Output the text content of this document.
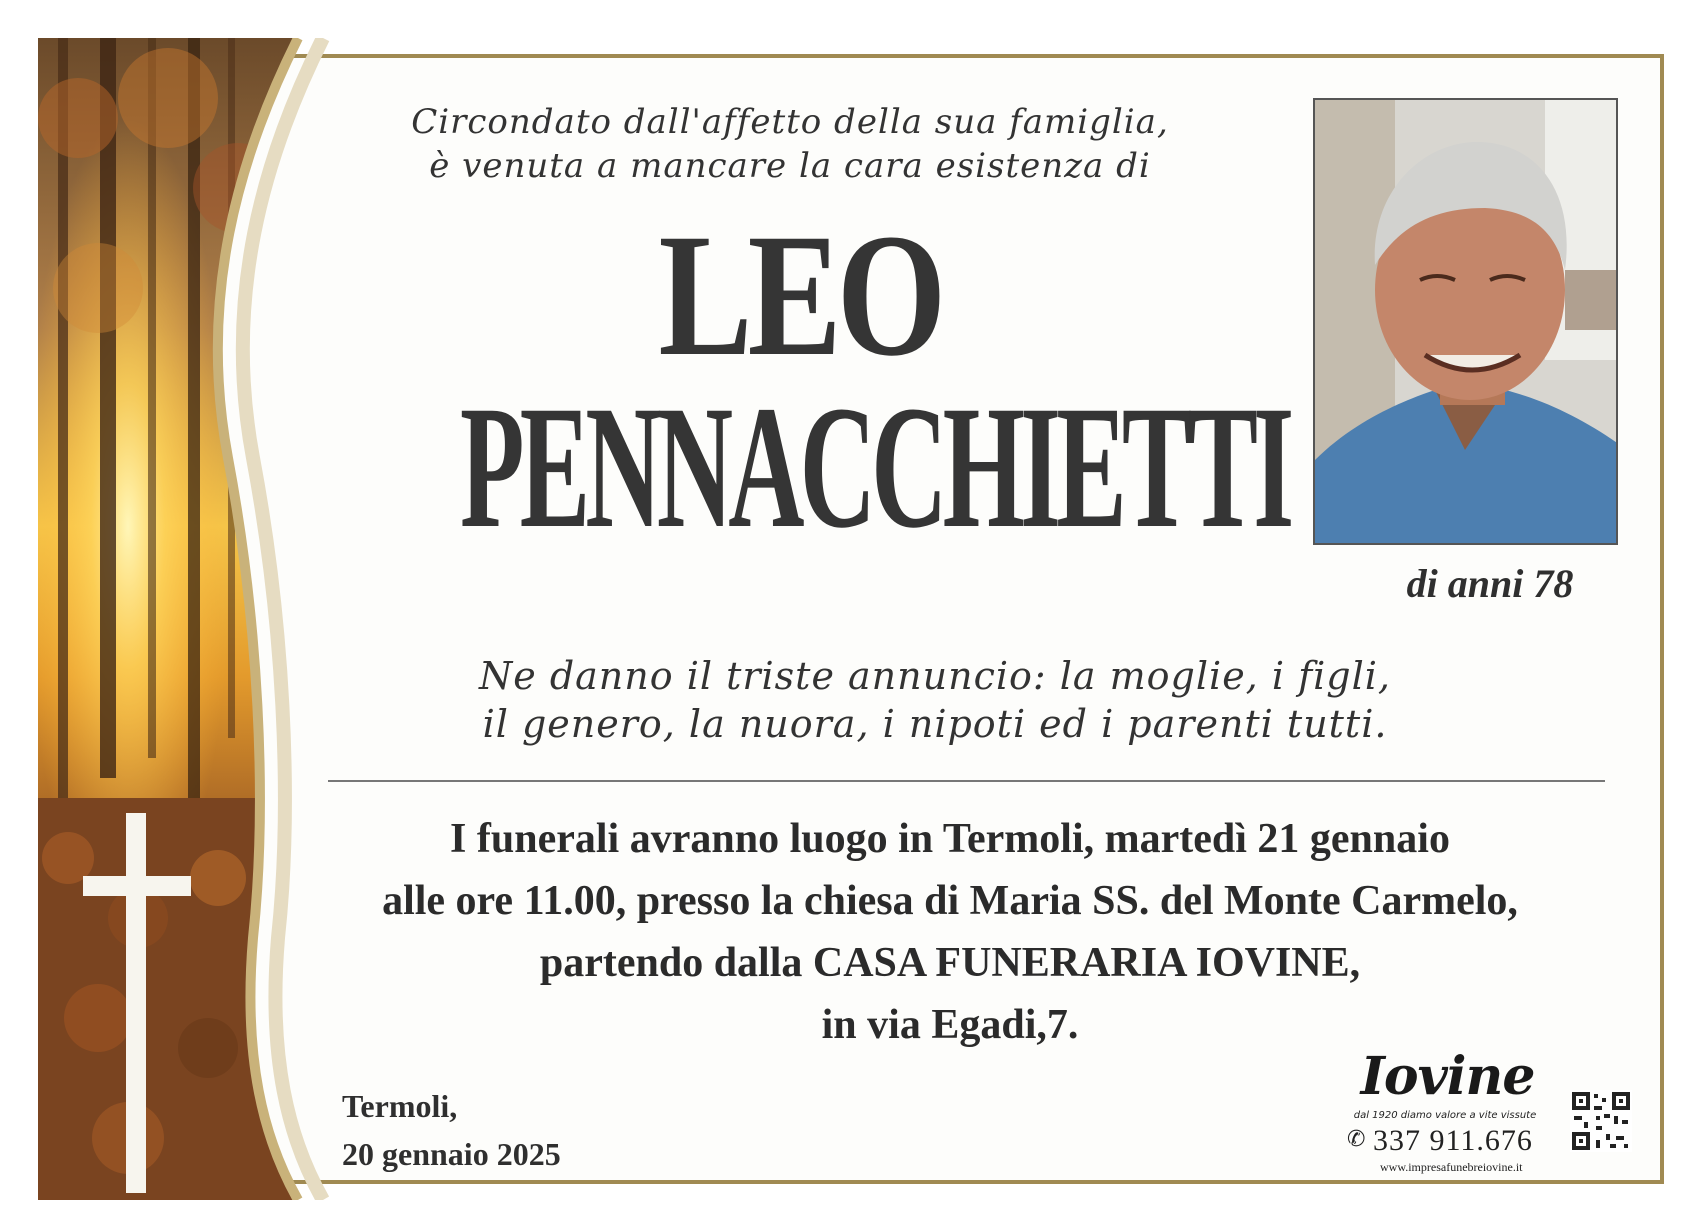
Circondato dall'affetto della sua famiglia,
è venuta a mancare la cara esistenza di
LEO
PENNACCHIETTI
di anni 78
Ne danno il triste annuncio: la moglie, i figli,
il genero, la nuora, i nipoti ed i parenti tutti.
I funerali avranno luogo in Termoli, martedì 21 gennaio
alle ore 11.00, presso la chiesa di Maria SS. del Monte Carmelo,
partendo dalla CASA FUNERARIA IOVINE,
in via Egadi,7.
Termoli,
20 gennaio 2025
Iovine
dal 1920 diamo valore a vite vissute
✆ 337 911.676
www.impresafunebreiovine.it
